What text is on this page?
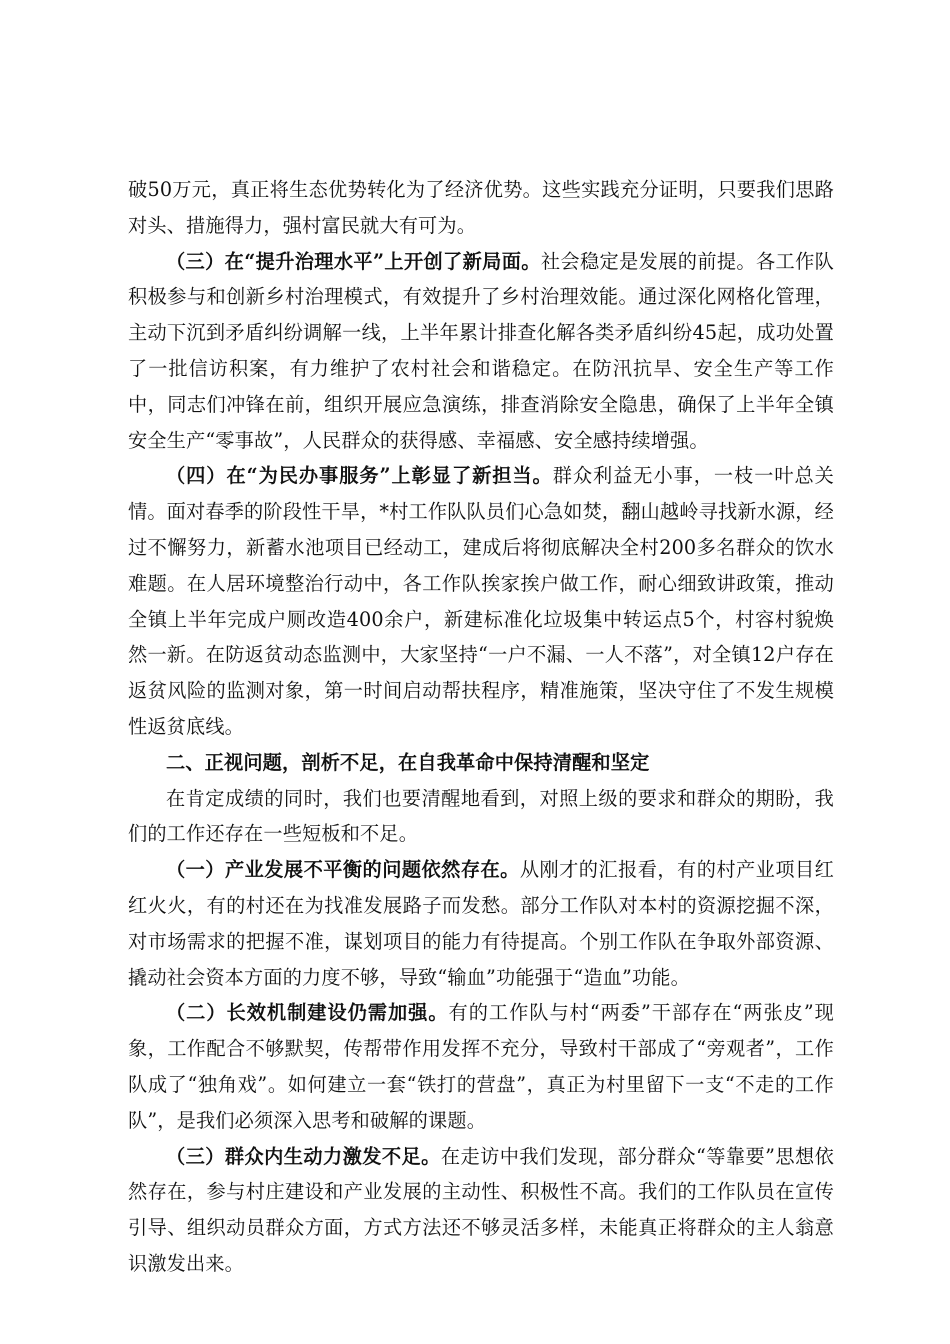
破50万元，真正将生态优势转化为了经济优势。这些实践充分证明，只要我们思路对头、措施得力，强村富民就大有可为。

（三）在“提升治理水平”上开创了新局面。社会稳定是发展的前提。各工作队积极参与和创新乡村治理模式，有效提升了乡村治理效能。通过深化网格化管理，主动下沉到矛盾纠纷调解一线，上半年累计排查化解各类矛盾纠纷45起，成功处置了一批信访积案，有力维护了农村社会和谐稳定。在防汛抗旱、安全生产等工作中，同志们冲锋在前，组织开展应急演练，排查消除安全隐患，确保了上半年全镇安全生产“零事故”，人民群众的获得感、幸福感、安全感持续增强。

（四）在“为民办事服务”上彰显了新担当。群众利益无小事，一枝一叶总关情。面对春季的阶段性干旱，*村工作队队员们心急如焚，翻山越岭寻找新水源，经过不懈努力，新蓄水池项目已经动工，建成后将彻底解决全村200多名群众的饮水难题。在人居环境整治行动中，各工作队挨家挨户做工作，耐心细致讲政策，推动全镇上半年完成户厕改造400余户，新建标准化垃圾集中转运点5个，村容村貌焕然一新。在防返贫动态监测中，大家坚持“一户不漏、一人不落”，对全镇12户存在返贫风险的监测对象，第一时间启动帮扶程序，精准施策，坚决守住了不发生规模性返贫底线。

二、正视问题，剖析不足，在自我革命中保持清醒和坚定

在肯定成绩的同时，我们也要清醒地看到，对照上级的要求和群众的期盼，我们的工作还存在一些短板和不足。

（一）产业发展不平衡的问题依然存在。从刚才的汇报看，有的村产业项目红红火火，有的村还在为找准发展路子而发愁。部分工作队对本村的资源挖掘不深，对市场需求的把握不准，谋划项目的能力有待提高。个别工作队在争取外部资源、撬动社会资本方面的力度不够，导致“输血”功能强于“造血”功能。

（二）长效机制建设仍需加强。有的工作队与村“两委”干部存在“两张皮”现象，工作配合不够默契，传帮带作用发挥不充分，导致村干部成了“旁观者”，工作队成了“独角戏”。如何建立一套“铁打的营盘”，真正为村里留下一支“不走的工作队”，是我们必须深入思考和破解的课题。

（三）群众内生动力激发不足。在走访中我们发现，部分群众“等靠要”思想依然存在，参与村庄建设和产业发展的主动性、积极性不高。我们的工作队员在宣传引导、组织动员群众方面，方式方法还不够灵活多样，未能真正将群众的主人翁意识激发出来。
